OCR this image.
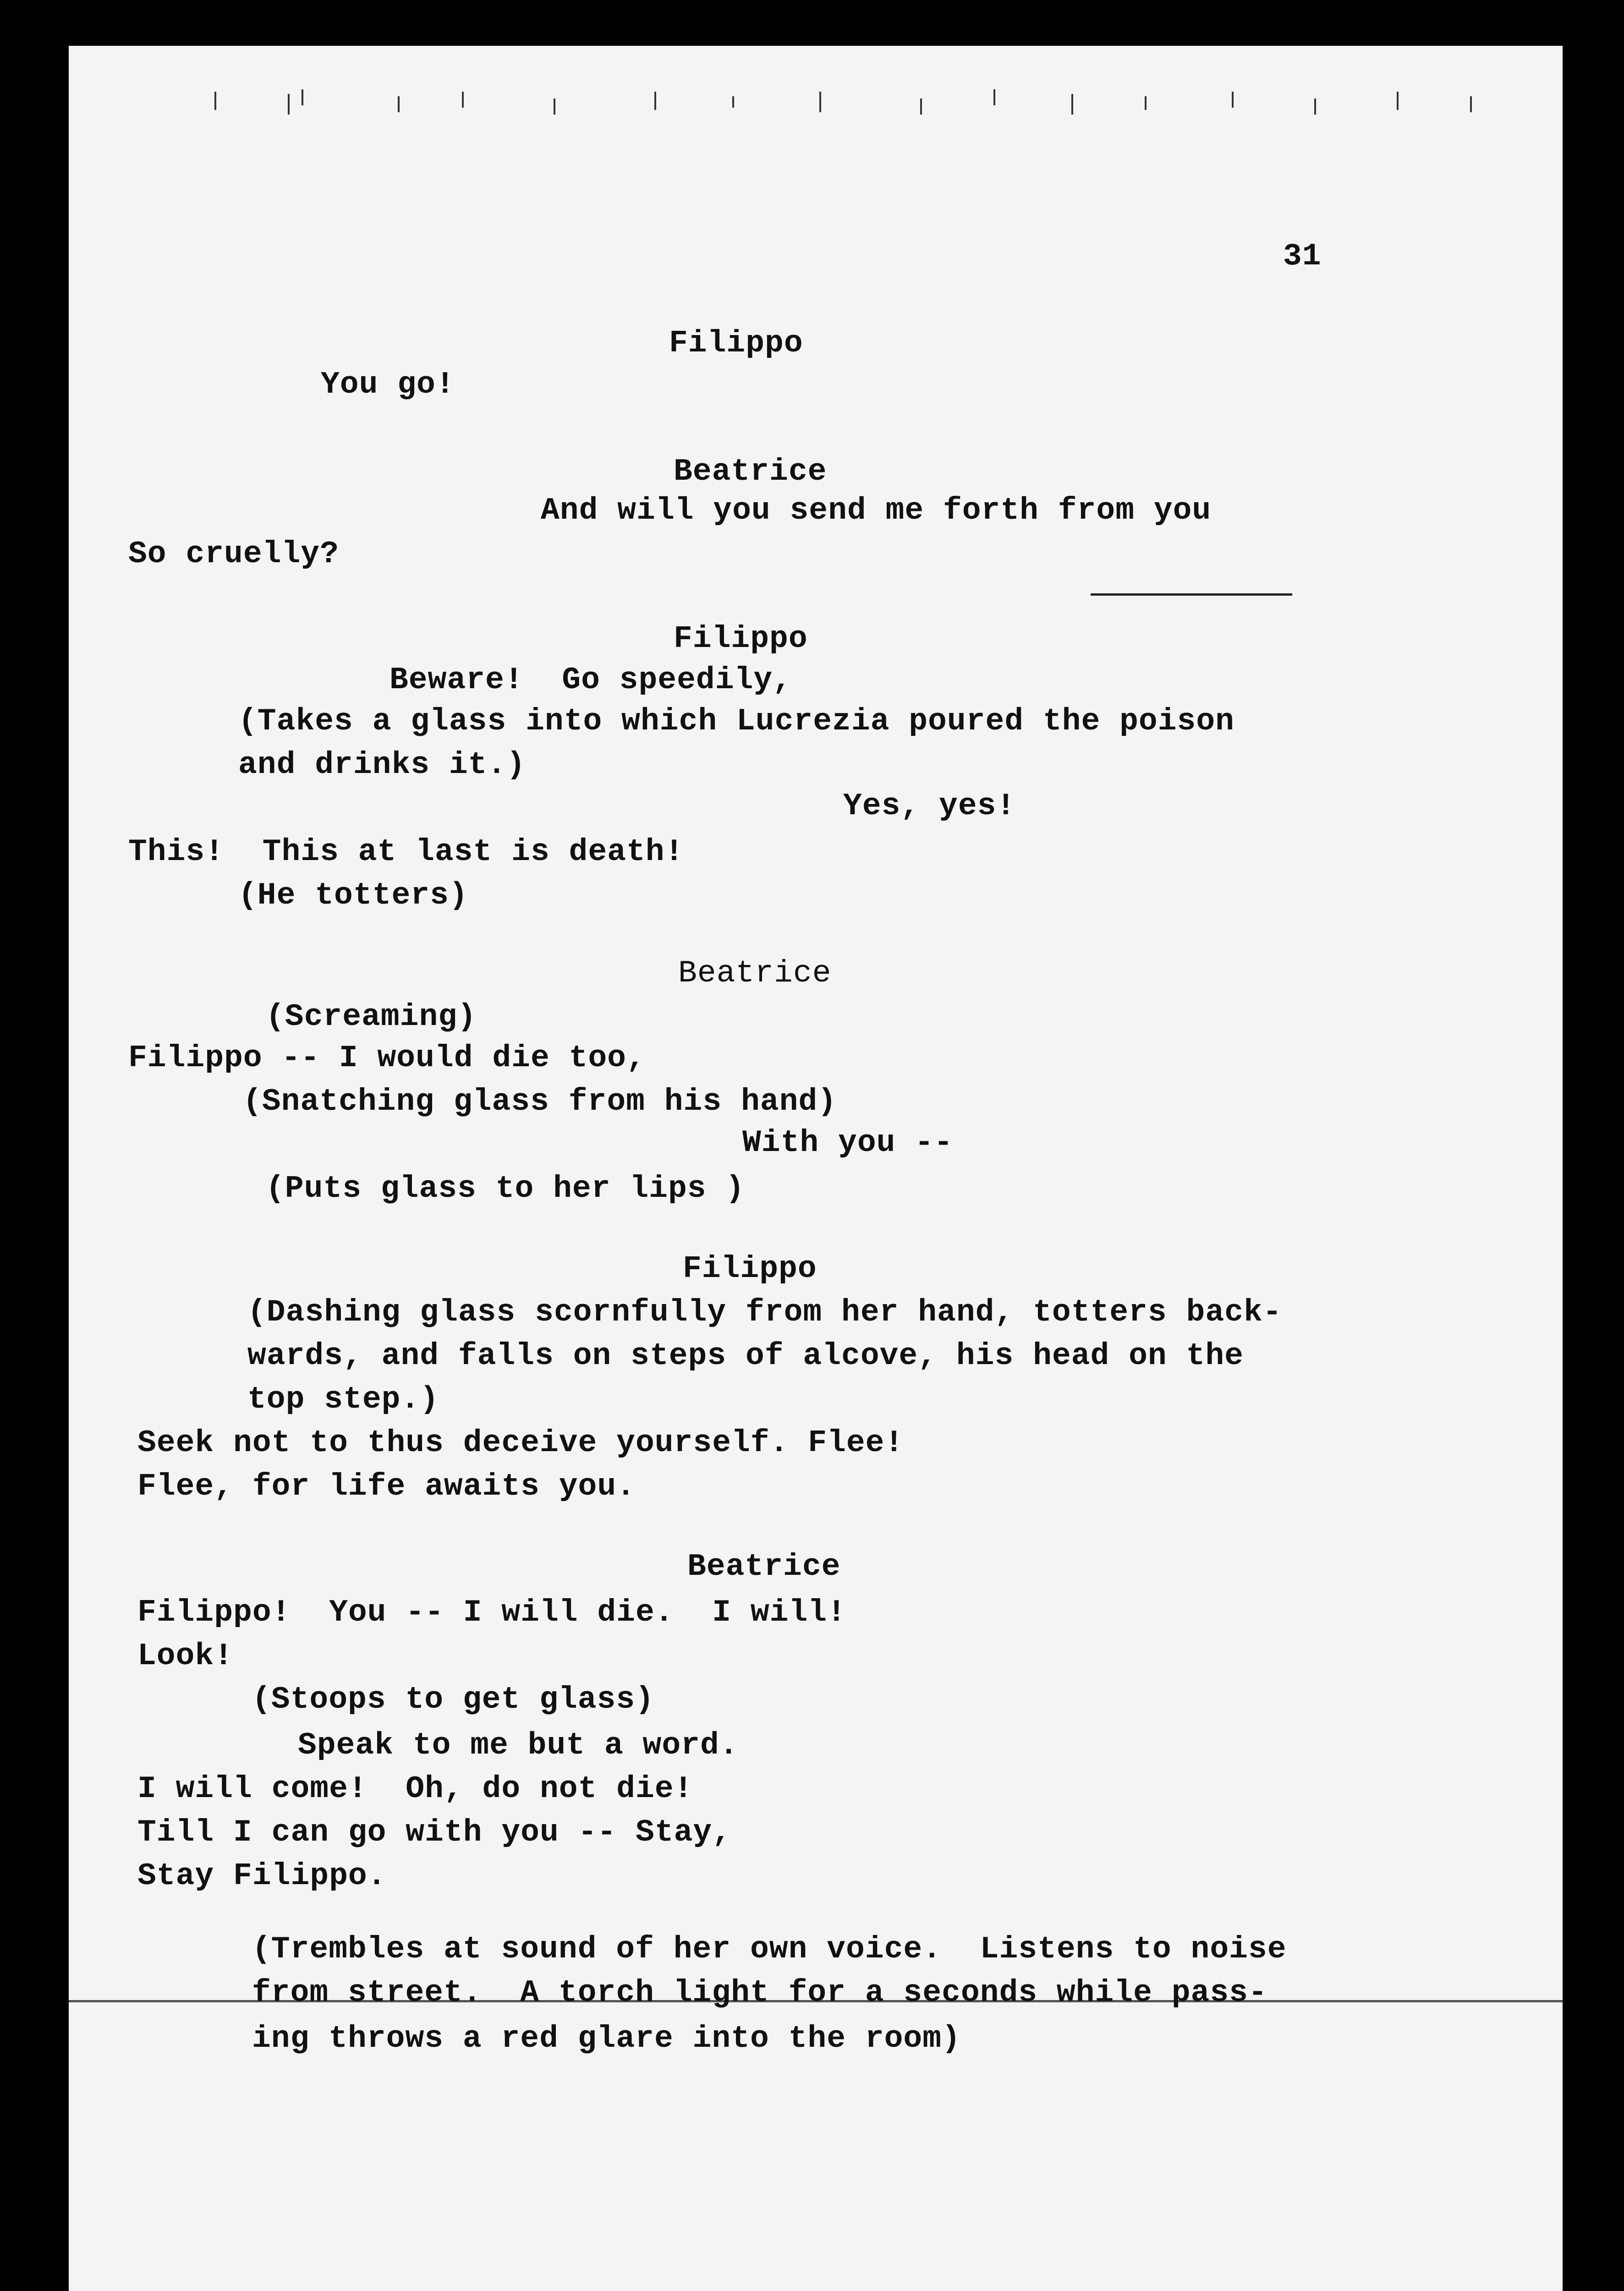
31
Filippo
You go!
Beatrice
And will you send me forth from you
So cruelly?
Filippo
Beware!  Go speedily,
(Takes a glass into which Lucrezia poured the poison
and drinks it.)
Yes, yes!
This!  This at last is death!
(He totters)
Beatrice
(Screaming)
Filippo -- I would die too,
(Snatching glass from his hand)
With you --
(Puts glass to her lips )
Filippo
(Dashing glass scornfully from her hand, totters back-
wards, and falls on steps of alcove, his head on the
top step.)
Seek not to thus deceive yourself. Flee!
Flee, for life awaits you.
Beatrice
Filippo!  You -- I will die.  I will!
Look!
(Stoops to get glass)
Speak to me but a word.
I will come!  Oh, do not die!
Till I can go with you -- Stay,
Stay Filippo.
(Trembles at sound of her own voice.  Listens to noise
from street.  A torch light for a seconds while pass-
ing throws a red glare into the room)
